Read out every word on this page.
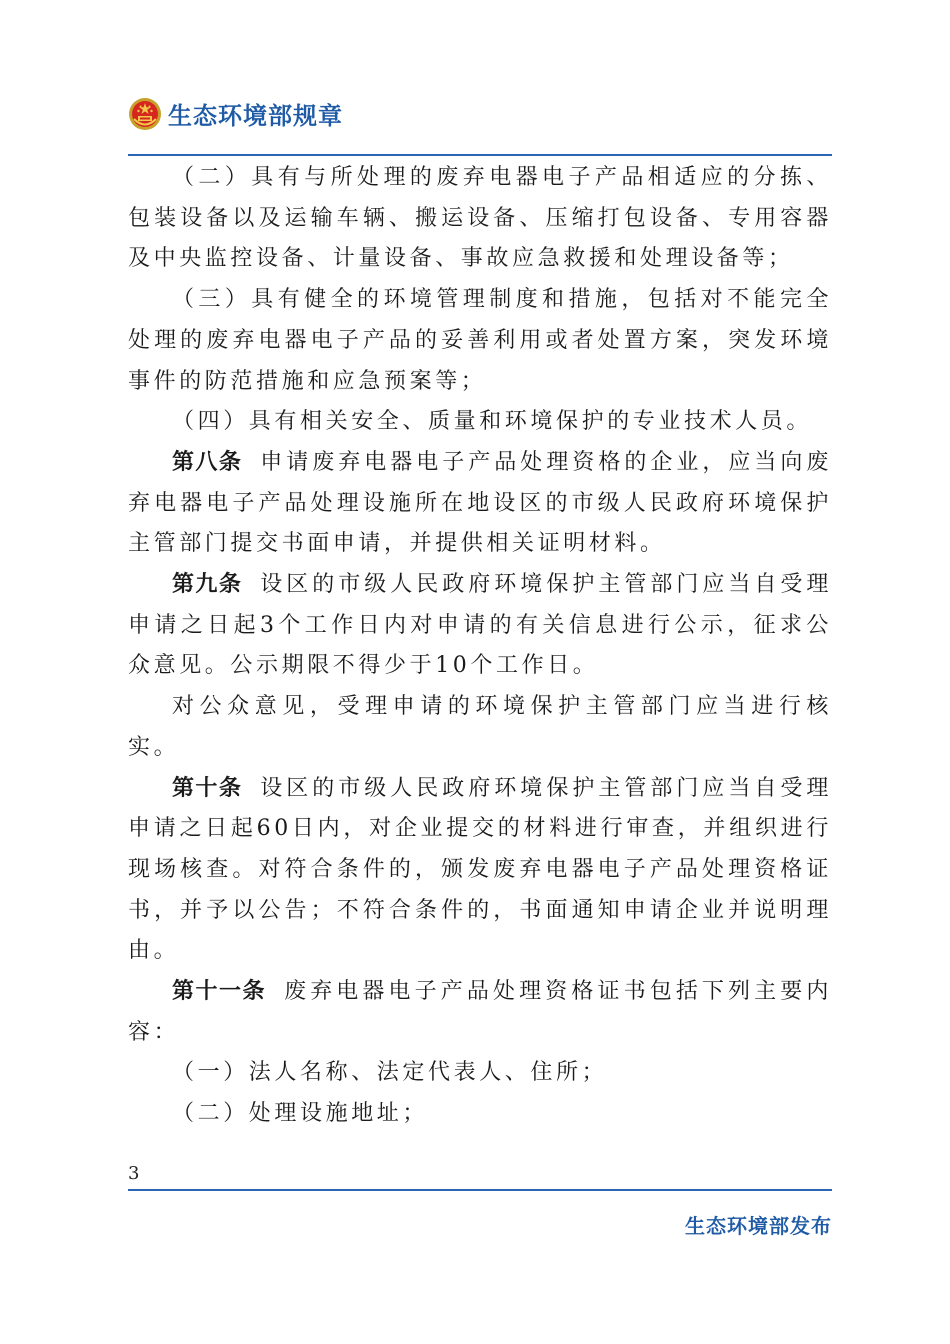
生态环境部规章

（二）具有与所处理的废弃电器电子产品相适应的分拣、包装设备以及运输车辆、搬运设备、压缩打包设备、专用容器及中央监控设备、计量设备、事故应急救援和处理设备等；

（三）具有健全的环境管理制度和措施，包括对不能完全处理的废弃电器电子产品的妥善利用或者处置方案，突发环境事件的防范措施和应急预案等；

（四）具有相关安全、质量和环境保护的专业技术人员。

第八条 申请废弃电器电子产品处理资格的企业，应当向废弃电器电子产品处理设施所在地设区的市级人民政府环境保护主管部门提交书面申请，并提供相关证明材料。

第九条 设区的市级人民政府环境保护主管部门应当自受理申请之日起3个工作日内对申请的有关信息进行公示，征求公众意见。公示期限不得少于10个工作日。

对公众意见，受理申请的环境保护主管部门应当进行核实。

第十条 设区的市级人民政府环境保护主管部门应当自受理申请之日起60日内，对企业提交的材料进行审查，并组织进行现场核查。对符合条件的，颁发废弃电器电子产品处理资格证书，并予以公告；不符合条件的，书面通知申请企业并说明理由。

第十一条 废弃电器电子产品处理资格证书包括下列主要内容：

（一）法人名称、法定代表人、住所；

（二）处理设施地址；

3
生态环境部发布
